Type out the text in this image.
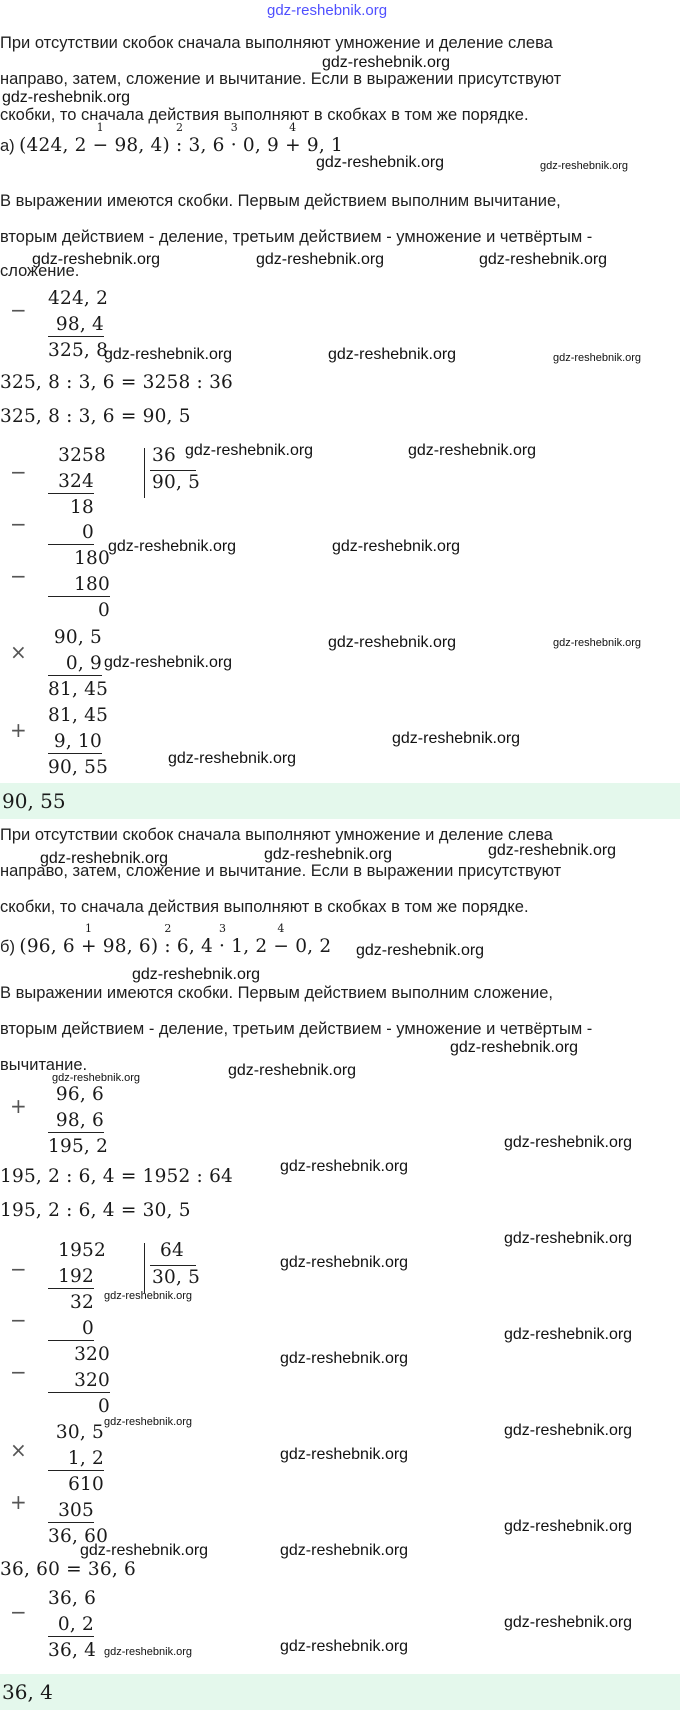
gdz-reshebnik.org
При отсутствии скобок сначала выполняют умножение и деление слева
направо, затем, сложение и вычитание. Если в выражении присутствуют
скобки, то сначала действия выполняют в скобках в том же порядке.
а) (424, 2 −
1
98, 4) :
2
3, 6 ·
3
0, 9 +
4
9, 1
В выражении имеются скобки. Первым действием выполним вычитание,
вторым действием - деление, третьим действием - умножение и четвёртым -
сложение.
− 424, 2
98, 4
325, 8
325, 8 : 3, 6 = 3258 : 36
325, 8 : 3, 6 = 90, 5
3258 36
90, 5
−	324
18
−	0
180
−	180
0
×
90, 5
0, 9
81, 45
+
81, 45
9, 10
90, 55
90, 55
При отсутствии скобок сначала выполняют умножение и деление слева
направо, затем, сложение и вычитание. Если в выражении присутствуют
скобки, то сначала действия выполняют в скобках в том же порядке.
б) (96, 6 +
1
98, 6) :
2
6, 4 ·
3
1, 2 −
4
0, 2
В выражении имеются скобки. Первым действием выполним сложение,
вторым действием - деление, третьим действием - умножение и четвёртым -
вычитание.
+	96, 6
98, 6
195, 2
195, 2 : 6, 4 = 1952 : 64
195, 2 : 6, 4 = 30, 5
1952	64
30, 5
−	192
32
−	0
320
−	320
0
×
30, 5
1, 2
610
+	305
36, 60
36, 60 = 36, 6
−
36, 6
0, 2
36, 4
36, 4
gdz-reshebnik.org
gdz-reshebnik.org
gdz-reshebnik.org	gdz-reshebnik.org
gdz-reshebnik.org	gdz-reshebnik.org	gdz-reshebnik.org
gdz-reshebnik.org	gdz-reshebnik.org	gdz-reshebnik.org
gdz-reshebnik.org	gdz-reshebnik.org
gdz-reshebnik.org	gdz-reshebnik.org
gdz-reshebnik.org	gdz-reshebnik.org
gdz-reshebnik.org
gdz-reshebnik.org
gdz-reshebnik.org
gdz-reshebnik.org
gdz-reshebnik.org
gdz-reshebnik.org
gdz-reshebnik.org
gdz-reshebnik.org
gdz-reshebnik.org
gdz-reshebnik.org
gdz-reshebnik.org
gdz-reshebnik.org
gdz-reshebnik.org
gdz-reshebnik.org
gdz-reshebnik.org
gdz-reshebnik.org
gdz-reshebnik.org
gdz-reshebnik.org
gdz-reshebnik.org	gdz-reshebnik.org
gdz-reshebnik.org
gdz-reshebnik.org
gdz-reshebnik.org	gdz-reshebnik.org
gdz-reshebnik.org
gdz-reshebnik.org
gdz-reshebnik.org
